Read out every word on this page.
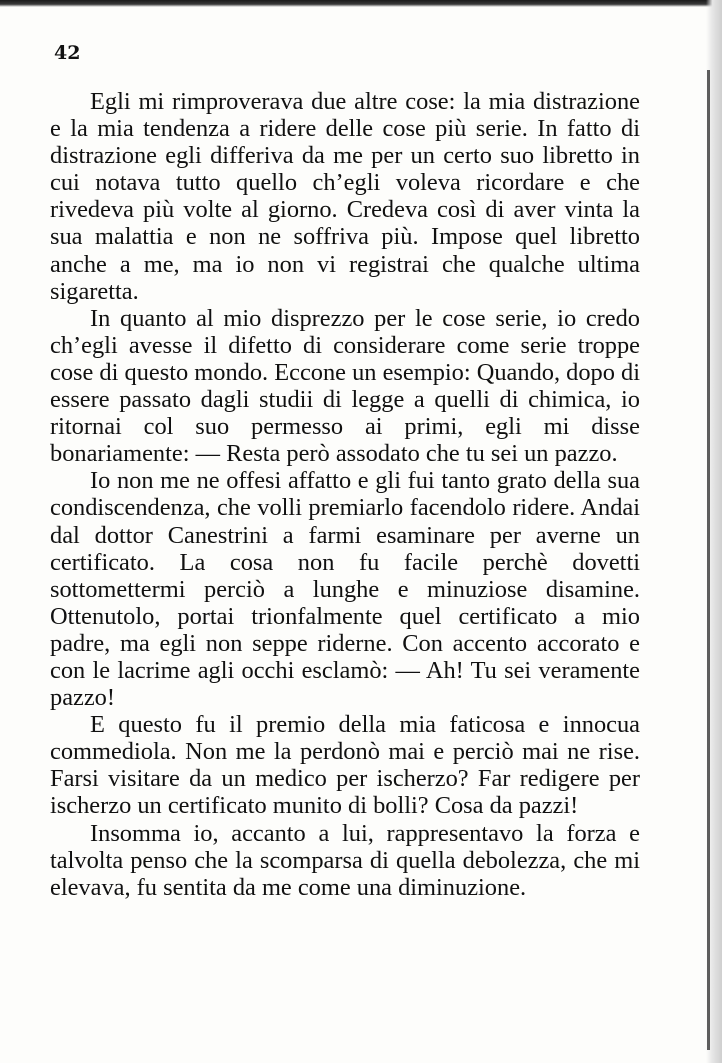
42

Egli mi rimproverava due altre cose: la mia distrazione e la mia tendenza a ridere delle cose più serie. In fatto di distrazione egli differiva da me per un certo suo libretto in cui notava tutto quello ch’egli voleva ricordare e che rivedeva più volte al giorno. Credeva così di aver vinta la sua malattia e non ne soffriva più. Impose quel libretto anche a me, ma io non vi registrai che qualche ultima sigaretta.

In quanto al mio disprezzo per le cose serie, io credo ch’egli avesse il difetto di considerare come serie troppe cose di questo mondo. Eccone un esempio: Quando, dopo di essere passato dagli studii di legge a quelli di chimica, io ritornai col suo permesso ai primi, egli mi disse bonariamente: — Resta però assodato che tu sei un pazzo.

Io non me ne offesi affatto e gli fui tanto grato della sua condiscendenza, che volli premiarlo facendolo ridere. Andai dal dottor Canestrini a farmi esaminare per averne un certificato. La cosa non fu facile perchè dovetti sottomettermi perciò a lunghe e minuziose disamine. Ottenutolo, portai trionfalmente quel certificato a mio padre, ma egli non seppe riderne. Con accento accorato e con le lacrime agli occhi esclamò: — Ah! Tu sei veramente pazzo!

E questo fu il premio della mia faticosa e innocua commediola. Non me la perdonò mai e perciò mai ne rise. Farsi visitare da un medico per ischerzo? Far redigere per ischerzo un certificato munito di bolli? Cosa da pazzi!

Insomma io, accanto a lui, rappresentavo la forza e talvolta penso che la scomparsa di quella debolezza, che mi elevava, fu sentita da me come una diminuzione.
